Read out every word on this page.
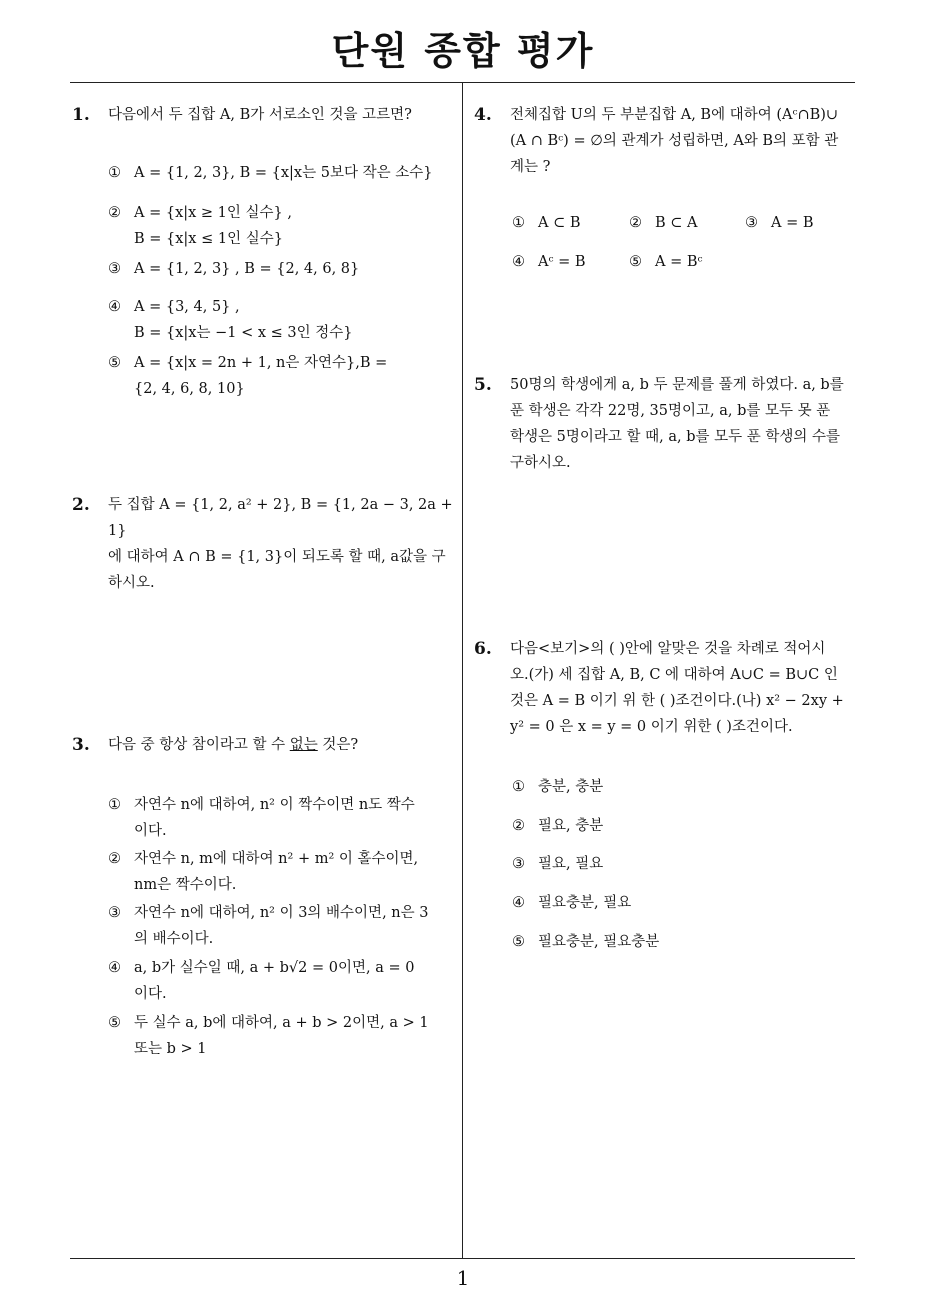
단원 종합 평가
1
1. 다음에서 두 집합 A, B가 서로소인 것을 고르면?
① A = {1, 2, 3}, B = {x|x는 5보다 작은 소수}
② A = {x|x ≥ 1인 실수} ,
B = {x|x ≤ 1인 실수}
③ A = {1, 2, 3} , B = {2, 4, 6, 8}
④ A = {3, 4, 5} ,
B = {x|x는 −1 < x ≤ 3인 정수}
⑤ A = {x|x = 2n + 1, n은 자연수},B =
{2, 4, 6, 8, 10}
2. 두 집합 A = {1, 2, a² + 2}, B = {1, 2a − 3, 2a + 1}
에 대하여 A ∩ B = {1, 3}이 되도록 할 때, a값을 구
하시오.
3. 다음 중 항상 참이라고 할 수 없는 것은?
① 자연수 n에 대하여, n² 이 짝수이면 n도 짝수
이다.
② 자연수 n, m에 대하여 n² + m² 이 홀수이면,
nm은 짝수이다.
③ 자연수 n에 대하여, n² 이 3의 배수이면, n은 3
의 배수이다.
④ a, b가 실수일 때, a + b√2 = 0이면, a = 0
이다.
⑤ 두 실수 a, b에 대하여, a + b > 2이면, a > 1
또는 b > 1
4. 전체집합 U의 두 부분집합 A, B에 대하여 (Aᶜ∩B)∪
(A ∩ Bᶜ) = ∅의 관계가 성립하면, A와 B의 포함 관
계는 ?
① A ⊂ B	② B ⊂ A	③ A = B
④ Aᶜ = B	⑤ A = Bᶜ
5. 50명의 학생에게 a, b 두 문제를 풀게 하였다. a, b를
푼 학생은 각각 22명, 35명이고, a, b를 모두 못 푼
학생은 5명이라고 할 때, a, b를 모두 푼 학생의 수를
구하시오.
6. 다음<보기>의 ( )안에 알맞은 것을 차례로 적어시
오.(가) 세 집합 A, B, C 에 대하여 A∪C = B∪C 인
것은 A = B 이기 위 한 ( )조건이다.(나) x² − 2xy +
y² = 0 은 x = y = 0 이기 위한 ( )조건이다.
① 충분, 충분
② 필요, 충분
③ 필요, 필요
④ 필요충분, 필요
⑤ 필요충분, 필요충분
